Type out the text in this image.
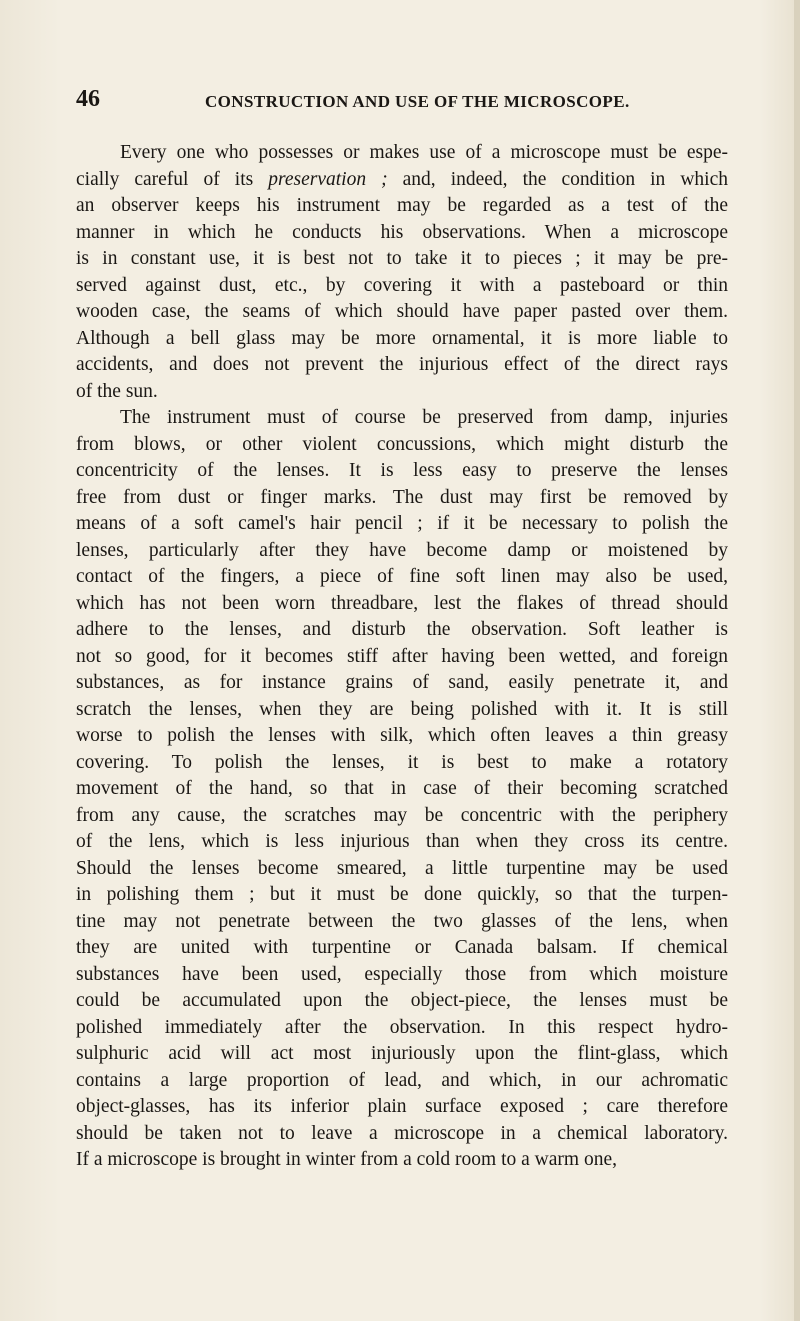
46	CONSTRUCTION AND USE OF THE MICROSCOPE.
Every one who possesses or makes use of a microscope must be espe-
cially careful of its preservation ; and, indeed, the condition in which
an observer keeps his instrument may be regarded as a test of the
manner in which he conducts his observations. When a microscope
is in constant use, it is best not to take it to pieces ; it may be pre-
served against dust, etc., by covering it with a pasteboard or thin
wooden case, the seams of which should have paper pasted over them.
Although a bell glass may be more ornamental, it is more liable to
accidents, and does not prevent the injurious effect of the direct rays
of the sun.
The instrument must of course be preserved from damp, injuries
from blows, or other violent concussions, which might disturb the
concentricity of the lenses. It is less easy to preserve the lenses
free from dust or finger marks. The dust may first be removed by
means of a soft camel's hair pencil ; if it be necessary to polish the
lenses, particularly after they have become damp or moistened by
contact of the fingers, a piece of fine soft linen may also be used,
which has not been worn threadbare, lest the flakes of thread should
adhere to the lenses, and disturb the observation. Soft leather is
not so good, for it becomes stiff after having been wetted, and foreign
substances, as for instance grains of sand, easily penetrate it, and
scratch the lenses, when they are being polished with it. It is still
worse to polish the lenses with silk, which often leaves a thin greasy
covering. To polish the lenses, it is best to make a rotatory
movement of the hand, so that in case of their becoming scratched
from any cause, the scratches may be concentric with the periphery
of the lens, which is less injurious than when they cross its centre.
Should the lenses become smeared, a little turpentine may be used
in polishing them ; but it must be done quickly, so that the turpen-
tine may not penetrate between the two glasses of the lens, when
they are united with turpentine or Canada balsam. If chemical
substances have been used, especially those from which moisture
could be accumulated upon the object-piece, the lenses must be
polished immediately after the observation. In this respect hydro-
sulphuric acid will act most injuriously upon the flint-glass, which
contains a large proportion of lead, and which, in our achromatic
object-glasses, has its inferior plain surface exposed ; care therefore
should be taken not to leave a microscope in a chemical laboratory.
If a microscope is brought in winter from a cold room to a warm one,
